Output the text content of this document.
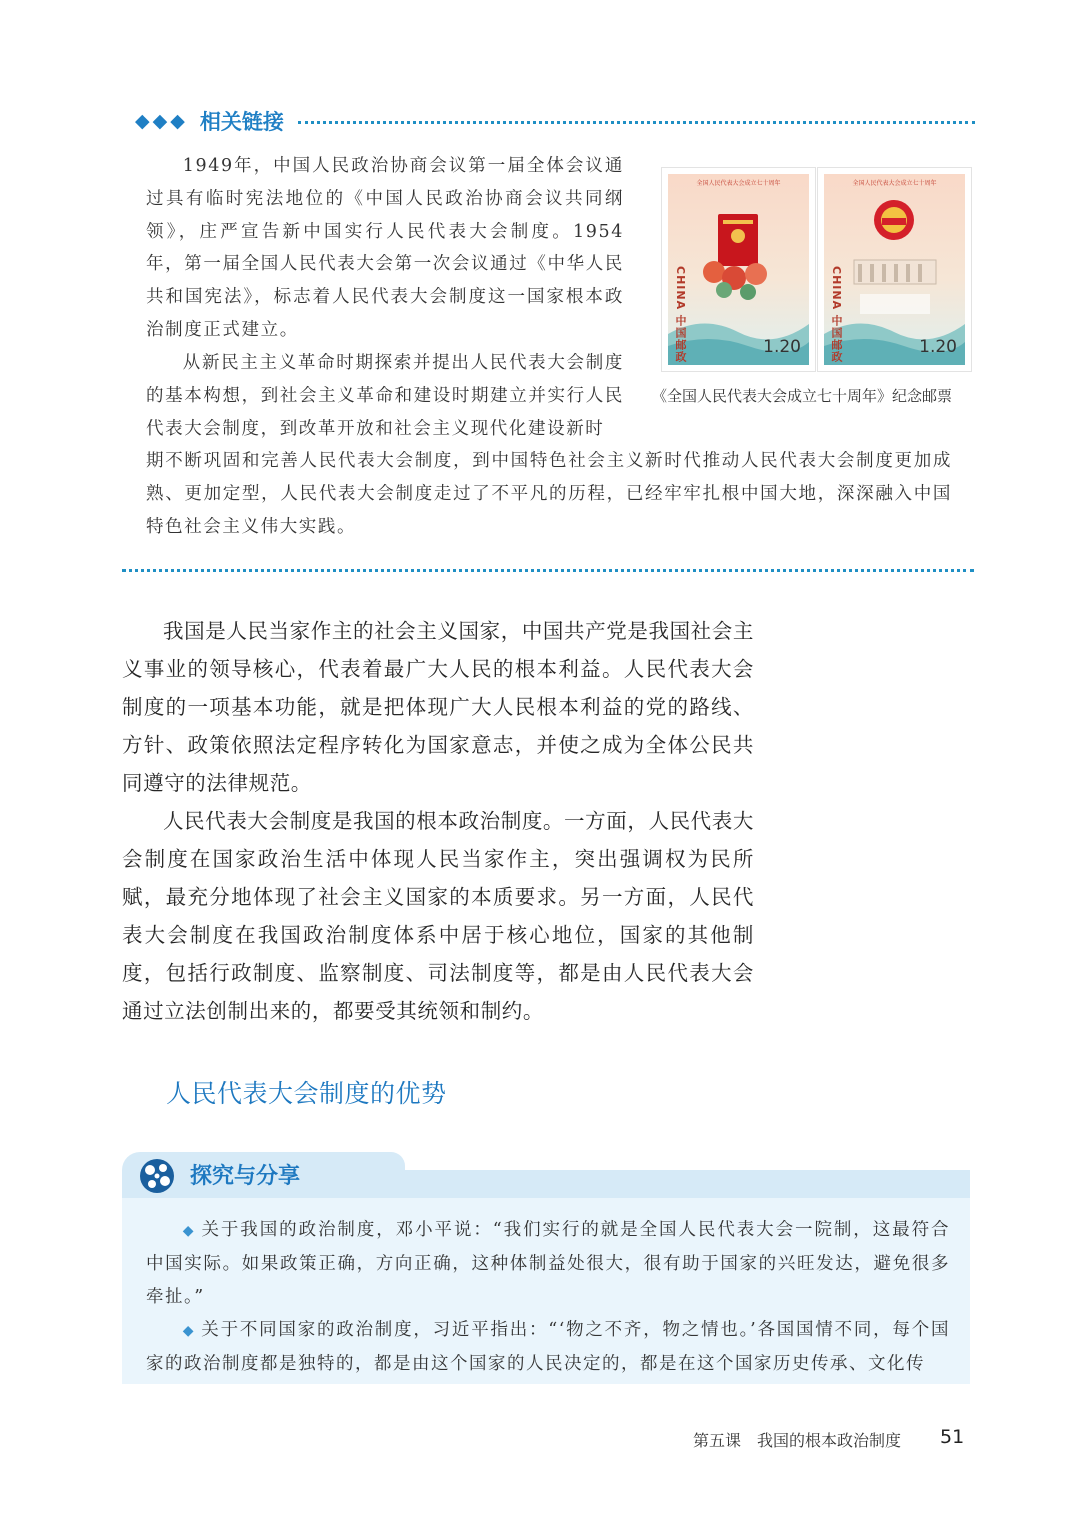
◆◆◆ 相关链接

1949年，中国人民政治协商会议第一届全体会议通过具有临时宪法地位的《中国人民政治协商会议共同纲领》，庄严宣告新中国实行人民代表大会制度。1954年，第一届全国人民代表大会第一次会议通过《中华人民共和国宪法》，标志着人民代表大会制度这一国家根本政治制度正式建立。

从新民主主义革命时期探索并提出人民代表大会制度的基本构想，到社会主义革命和建设时期建立并实行人民代表大会制度，到改革开放和社会主义现代化建设新时

期不断巩固和完善人民代表大会制度，到中国特色社会主义新时代推动人民代表大会制度更加成熟、更加定型，人民代表大会制度走过了不平凡的历程，已经牢牢扎根中国大地，深深融入中国特色社会主义伟大实践。

全国人民代表大会成立七十周年
CHINA 中国邮政	1.20
全国人民代表大会成立七十周年
CHINA 中国邮政	1.20
《全国人民代表大会成立七十周年》纪念邮票

我国是人民当家作主的社会主义国家，中国共产党是我国社会主义事业的领导核心，代表着最广大人民的根本利益。人民代表大会制度的一项基本功能，就是把体现广大人民根本利益的党的路线、方针、政策依照法定程序转化为国家意志，并使之成为全体公民共同遵守的法律规范。

人民代表大会制度是我国的根本政治制度。一方面，人民代表大会制度在国家政治生活中体现人民当家作主，突出强调权为民所赋，最充分地体现了社会主义国家的本质要求。另一方面，人民代表大会制度在我国政治制度体系中居于核心地位，国家的其他制度，包括行政制度、监察制度、司法制度等，都是由人民代表大会通过立法创制出来的，都要受其统领和制约。

人民代表大会制度的优势
探究与分享

◆ 关于我国的政治制度，邓小平说：“我们实行的就是全国人民代表大会一院制，这最符合中国实际。如果政策正确，方向正确，这种体制益处很大，很有助于国家的兴旺发达，避免很多牵扯。”

◆ 关于不同国家的政治制度，习近平指出：“‘物之不齐，物之情也。’各国国情不同，每个国家的政治制度都是独特的，都是由这个国家的人民决定的，都是在这个国家历史传承、文化传

第五课　我国的根本政治制度 51
